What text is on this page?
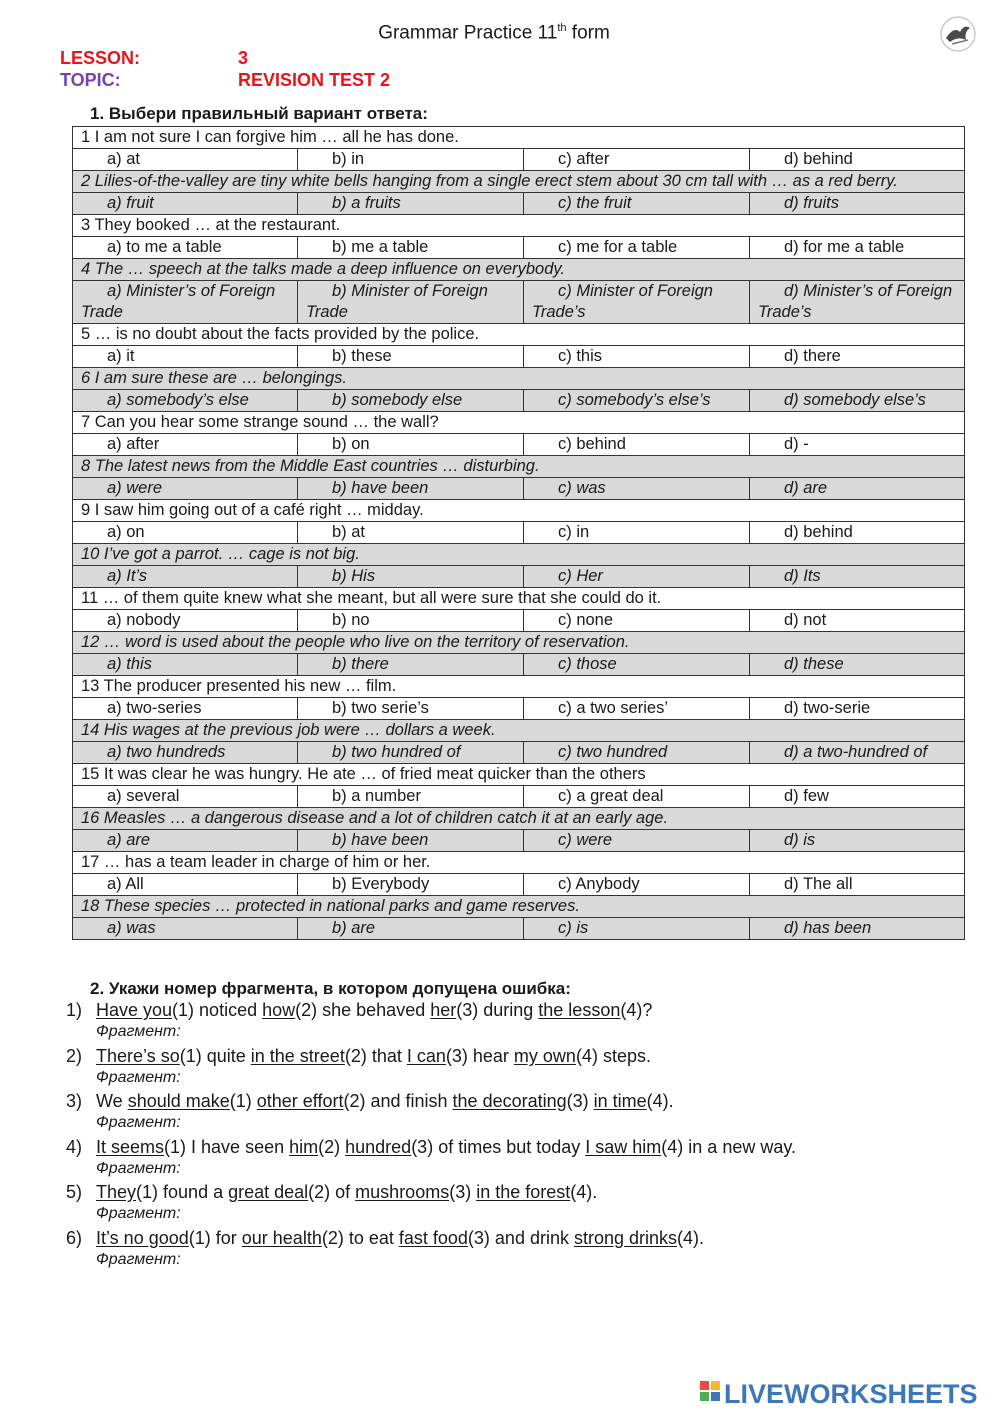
Grammar Practice 11th form
LESSON:	3
TOPIC:	REVISION TEST 2
1. Выбери правильный вариант ответа:
1 I am not sure I can forgive him … all he has done.			
a) at	b) in	c) after	d) behind
2 Lilies-of-the-valley are tiny white bells hanging from a single erect stem about 30 cm tall with … as a red berry.			
a) fruit	b) a fruits	c) the fruit	d) fruits
3 They booked … at the restaurant.			
a) to me a table	b) me a table	c) me for a table	d) for me a table
4 The … speech at the talks made a deep influence on everybody.			
a) Minister’s of Foreign Trade	b) Minister of Foreign Trade	c) Minister of Foreign Trade’s	d) Minister’s of Foreign Trade’s
5 … is no doubt about the facts provided by the police.			
a) it	b) these	c) this	d) there
6 I am sure these are … belongings.			
a) somebody’s else	b) somebody else	c) somebody’s else’s	d) somebody else’s
7 Can you hear some strange sound … the wall?			
a) after	b) on	c) behind	d) -
8 The latest news from the Middle East countries … disturbing.			
a) were	b) have been	c) was	d) are
9 I saw him going out of a café right … midday.			
a) on	b) at	c) in	d) behind
10 I’ve got a parrot. … cage is not big.			
a) It’s	b) His	c) Her	d) Its
11 … of them quite knew what she meant, but all were sure that she could do it.			
a) nobody	b) no	c) none	d) not
12 … word is used about the people who live on the territory of reservation.			
a) this	b) there	c) those	d) these
13 The producer presented his new … film.			
a) two-series	b) two serie’s	c) a two series’	d) two-serie
14 His wages at the previous job were … dollars a week.			
a) two hundreds	b) two hundred of	c) two hundred	d) a two-hundred of
15 It was clear he was hungry. He ate … of fried meat quicker than the others			
a) several	b) a number	c) a great deal	d) few
16 Measles … a dangerous disease and a lot of children catch it at an early age.			
a) are	b) have been	c) were	d) is
17 … has a team leader in charge of him or her.			
a) All	b) Everybody	c) Anybody	d) The all
18 These species … protected in national parks and game reserves.			
a) was	b) are	c) is	d) has been
2. Укажи номер фрагмента, в котором допущена ошибка:
1) Have you(1) noticed how(2) she behaved her(3) during the lesson(4)?
Фрагмент:
2) There’s so(1) quite in the street(2) that I can(3) hear my own(4) steps.
Фрагмент:
3) We should make(1) other effort(2) and finish the decorating(3) in time(4).
Фрагмент:
4) It seems(1) I have seen him(2) hundred(3) of times but today I saw him(4) in a new way.
Фрагмент:
5) They(1) found a great deal(2) of mushrooms(3) in the forest(4).
Фрагмент:
6) It’s no good(1) for our health(2) to eat fast food(3) and drink strong drinks(4).
Фрагмент:
LIVEWORKSHEETS
